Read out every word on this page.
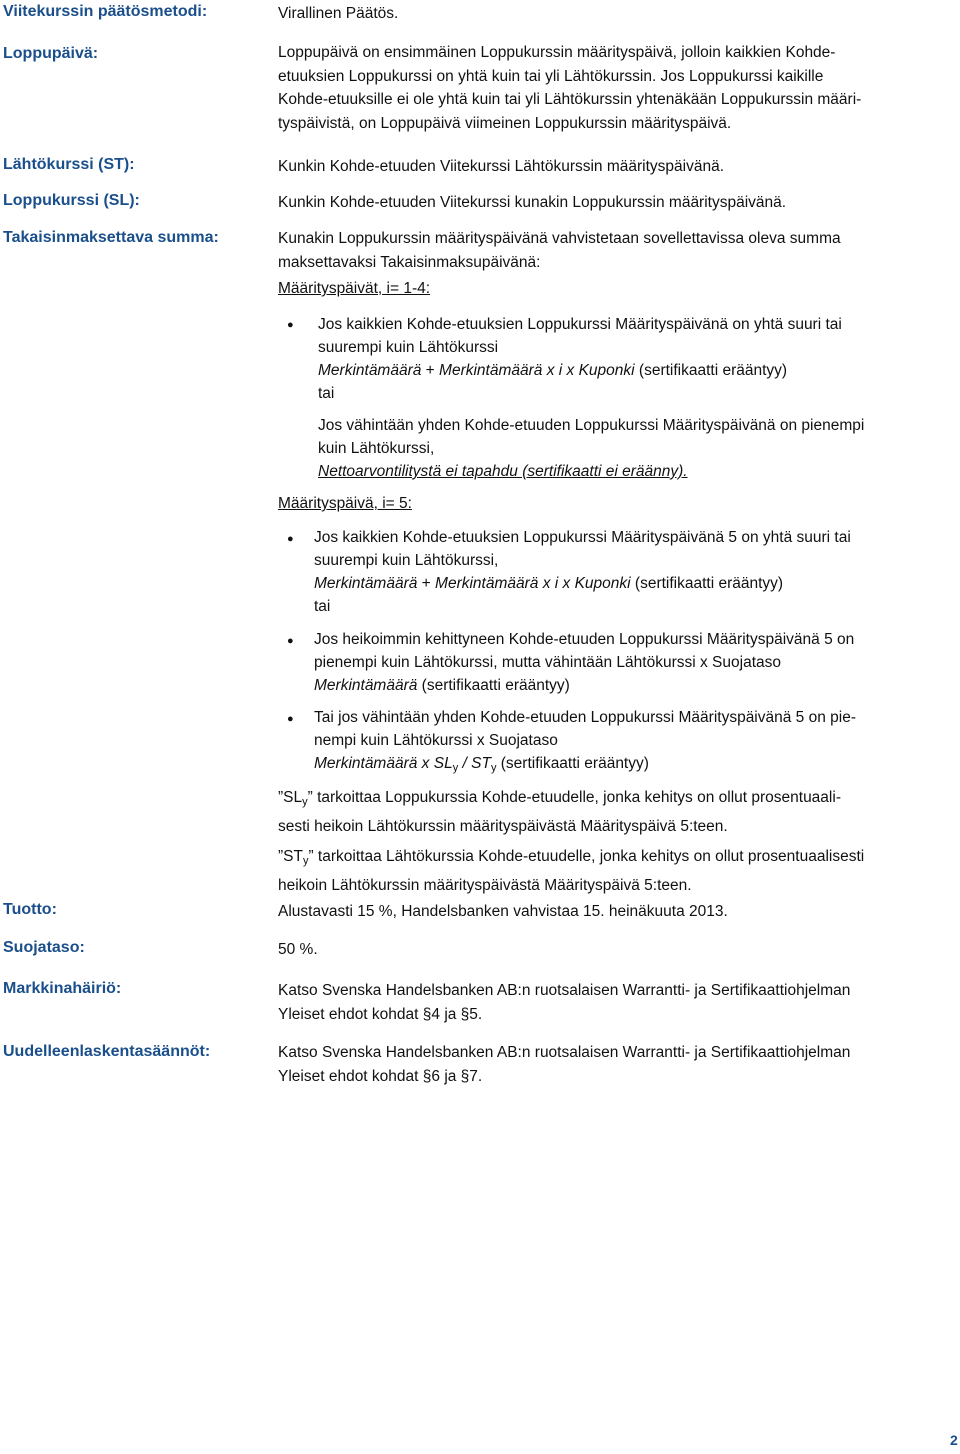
Viitekurssin päätösmetodi:	Virallinen Päätös.
Loppupäivä:	Loppupäivä on ensimmäinen Loppukurssin määrityspäivä, jolloin kaikkien Kohde-
etuuksien Loppukurssi on yhtä kuin tai yli Lähtökurssin. Jos Loppukurssi kaikille
Kohde-etuuksille ei ole yhtä kuin tai yli Lähtökurssin yhtenäkään Loppukurssin määri-
tyspäivistä, on Loppupäivä viimeinen Loppukurssin määrityspäivä.
Lähtökurssi (ST):	Kunkin Kohde-etuuden Viitekurssi Lähtökurssin määrityspäivänä.
Loppukurssi (SL):	Kunkin Kohde-etuuden Viitekurssi kunakin Loppukurssin määrityspäivänä.
Takaisinmaksettava summa:	Kunakin Loppukurssin määrityspäivänä vahvistetaan sovellettavissa oleva summa
maksettavaksi Takaisinmaksupäivänä:
Määrityspäivät, i= 1-4:
● Jos kaikkien Kohde-etuuksien Loppukurssi Määrityspäivänä on yhtä suuri tai
suurempi kuin Lähtökurssi
Merkintämäärä + Merkintämäärä x i x Kuponki (sertifikaatti erääntyy)
tai
Jos vähintään yhden Kohde-etuuden Loppukurssi Määrityspäivänä on pienempi
kuin Lähtökurssi,
Nettoarvontilitystä ei tapahdu (sertifikaatti ei eräänny).
Määrityspäivä, i= 5:
● Jos kaikkien Kohde-etuuksien Loppukurssi Määrityspäivänä 5 on yhtä suuri tai
suurempi kuin Lähtökurssi,
Merkintämäärä + Merkintämäärä x i x Kuponki (sertifikaatti erääntyy)
tai
● Jos heikoimmin kehittyneen Kohde-etuuden Loppukurssi Määrityspäivänä 5 on
pienempi kuin Lähtökurssi, mutta vähintään Lähtökurssi x Suojataso
Merkintämäärä (sertifikaatti erääntyy)
● Tai jos vähintään yhden Kohde-etuuden Loppukurssi Määrityspäivänä 5 on pie-
nempi kuin Lähtökurssi x Suojataso
Merkintämäärä x $SL_y / ST_y$ (sertifikaatti erääntyy)
$”SL_y$” tarkoittaa Loppukurssia Kohde-etuudelle, jonka kehitys on ollut prosentuaali-
sesti heikoin Lähtökurssin määrityspäivästä Määrityspäivä 5:teen.
$”ST_y$” tarkoittaa Lähtökurssia Kohde-etuudelle, jonka kehitys on ollut prosentuaalisesti
heikoin Lähtökurssin määrityspäivästä Määrityspäivä 5:teen.
Tuotto:	Alustavasti 15 %, Handelsbanken vahvistaa 15. heinäkuuta 2013.
Suojataso:	50 %.
Markkinahäiriö:	Katso Svenska Handelsbanken AB:n ruotsalaisen Warrantti- ja Sertifikaattiohjelman
Yleiset ehdot kohdat §4 ja §5.
Uudelleenlaskentasäännöt:	Katso Svenska Handelsbanken AB:n ruotsalaisen Warrantti- ja Sertifikaattiohjelman
Yleiset ehdot kohdat §6 ja §7.
2
